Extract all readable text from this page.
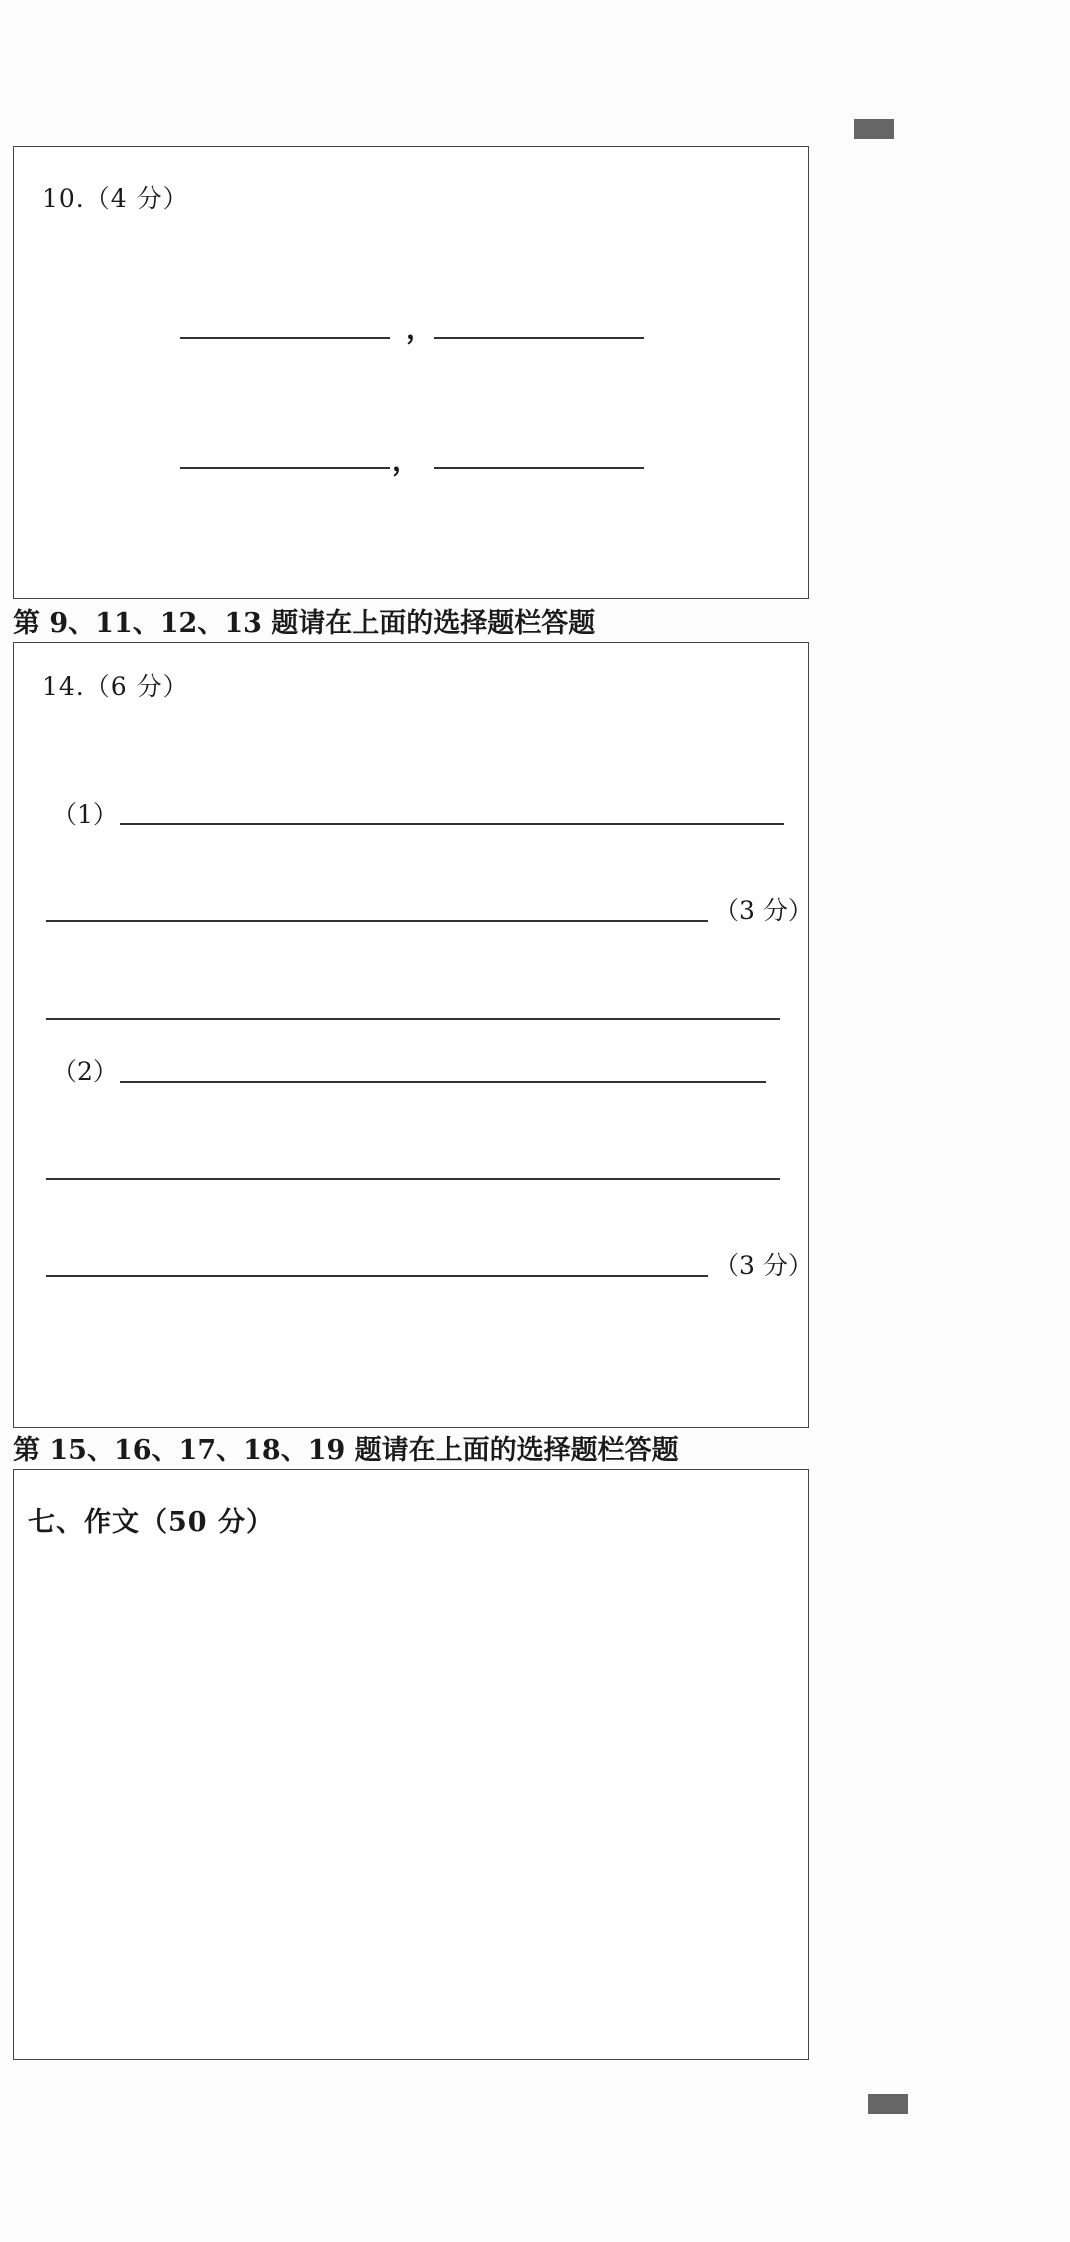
10.（4 分）
，
，
第 9、11、12、13 题请在上面的选择题栏答题
14.（6 分）
（1）
（3 分）
（2）
（3 分）
第 15、16、17、18、19 题请在上面的选择题栏答题
七、作文（50 分）
